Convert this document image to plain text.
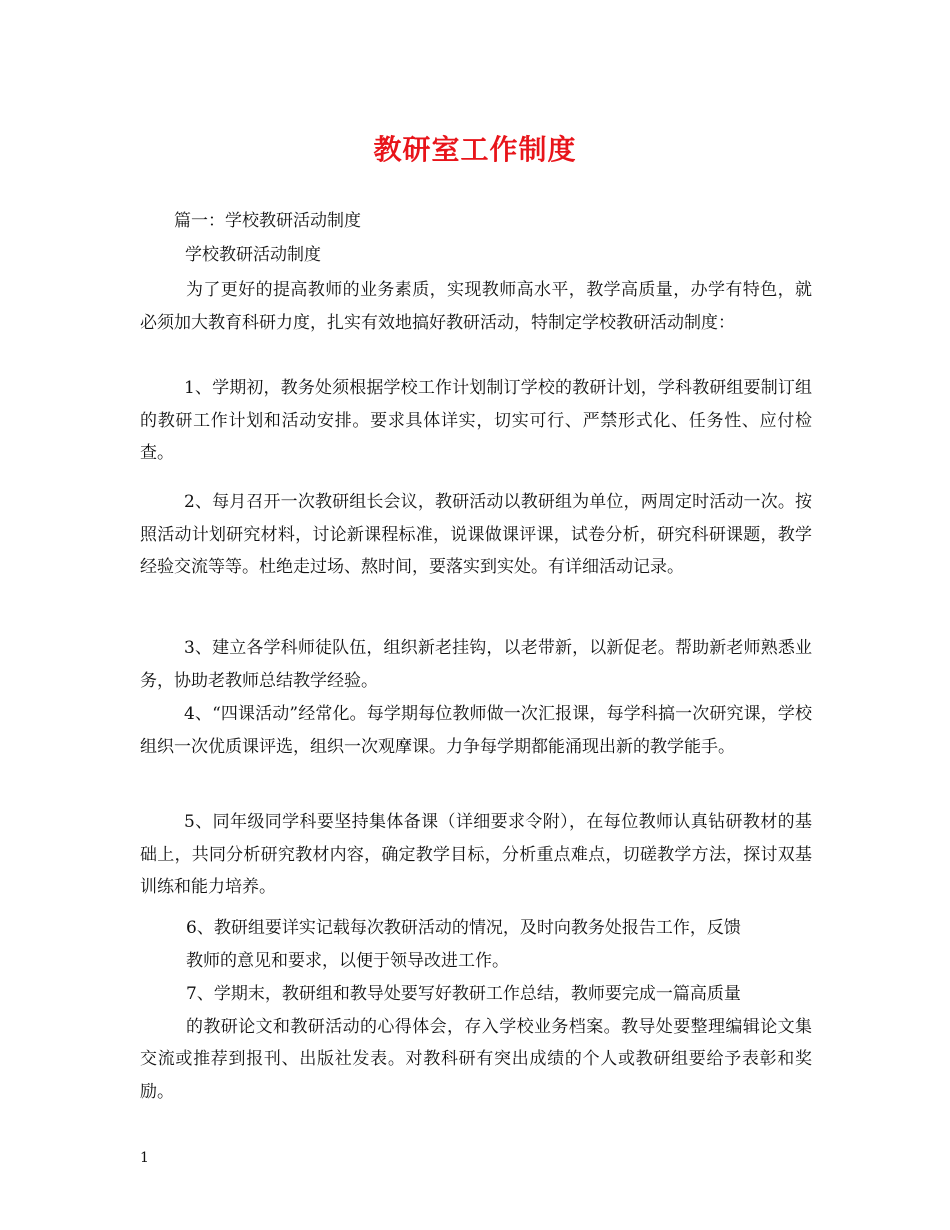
教研室工作制度
篇一：学校教研活动制度
学校教研活动制度

为了更好的提高教师的业务素质，实现教师高水平，教学高质量，办学有特色，就必须加大教育科研力度，扎实有效地搞好教研活动，特制定学校教研活动制度：

1、学期初，教务处须根据学校工作计划制订学校的教研计划，学科教研组要制订组的教研工作计划和活动安排。要求具体详实，切实可行、严禁形式化、任务性、应付检查。

2、每月召开一次教研组长会议，教研活动以教研组为单位，两周定时活动一次。按照活动计划研究材料，讨论新课程标准，说课做课评课，试卷分析，研究科研课题，教学经验交流等等。杜绝走过场、熬时间，要落实到实处。有详细活动记录。

3、建立各学科师徒队伍，组织新老挂钩，以老带新，以新促老。帮助新老师熟悉业务，协助老教师总结教学经验。

4、“四课活动”经常化。每学期每位教师做一次汇报课，每学科搞一次研究课，学校组织一次优质课评选，组织一次观摩课。力争每学期都能涌现出新的教学能手。

5、同年级同学科要坚持集体备课（详细要求令附），在每位教师认真钻研教材的基础上，共同分析研究教材内容，确定教学目标，分析重点难点，切磋教学方法，探讨双基训练和能力培养。

6、教研组要详实记载每次教研活动的情况，及时向教务处报告工作，反馈

教师的意见和要求，以便于领导改进工作。

7、学期末，教研组和教导处要写好教研工作总结，教师要完成一篇高质量

的教研论文和教研活动的心得体会，存入学校业务档案。教导处要整理编辑论文集交流或推荐到报刊、出版社发表。对教科研有突出成绩的个人或教研组要给予表彰和奖励。

1
